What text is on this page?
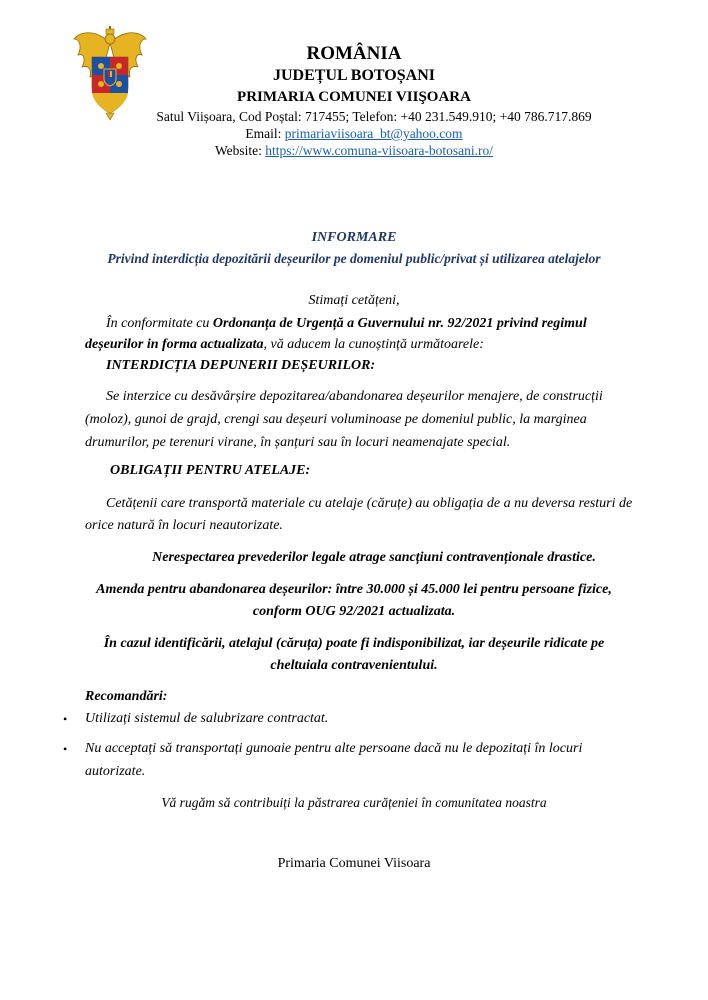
ROMÂNIA
JUDEȚUL BOTOȘANI
PRIMARIA COMUNEI VIIŞOARA
Satul Viișoara, Cod Poștal: 717455; Telefon: +40 231.549.910; +40 786.717.869
Email: primariaviisoara_bt@yahoo.com
Website: https://www.comuna-viisoara-botosani.ro/
INFORMARE
Privind interdicția depozitării deșeurilor pe domeniul public/privat și utilizarea atelajelor
Stimați cetățeni,
În conformitate cu Ordonanța de Urgență a Guvernului nr. 92/2021 privind regimul
deșeurilor in forma actualizata, vă aducem la cunoștință următoarele:
INTERDICȚIA DEPUNERII DEȘEURILOR:
Se interzice cu desăvârșire depozitarea/abandonarea deșeurilor menajere, de construcții
(moloz), gunoi de grajd, crengi sau deșeuri voluminoase pe domeniul public, la marginea
drumurilor, pe terenuri virane, în șanțuri sau în locuri neamenajate special.
OBLIGAȚII PENTRU ATELAJE:
Cetățenii care transportă materiale cu atelaje (căruțe) au obligația de a nu deversa resturi de
orice natură în locuri neautorizate.
Nerespectarea prevederilor legale atrage sancțiuni contravenționale drastice.
Amenda pentru abandonarea deșeurilor: între 30.000 și 45.000 lei pentru persoane fizice,
conform OUG 92/2021 actualizata.
În cazul identificării, atelajul (căruța) poate fi indisponibilizat, iar deșeurile ridicate pe
cheltuiala contravenientului.
Recomandări:
• Utilizați sistemul de salubrizare contractat.
• Nu acceptați să transportați gunoaie pentru alte persoane dacă nu le depozitați în locuri
autorizate.
Vă rugăm să contribuiți la păstrarea curățeniei în comunitatea noastra
Primaria Comunei Viisoara
